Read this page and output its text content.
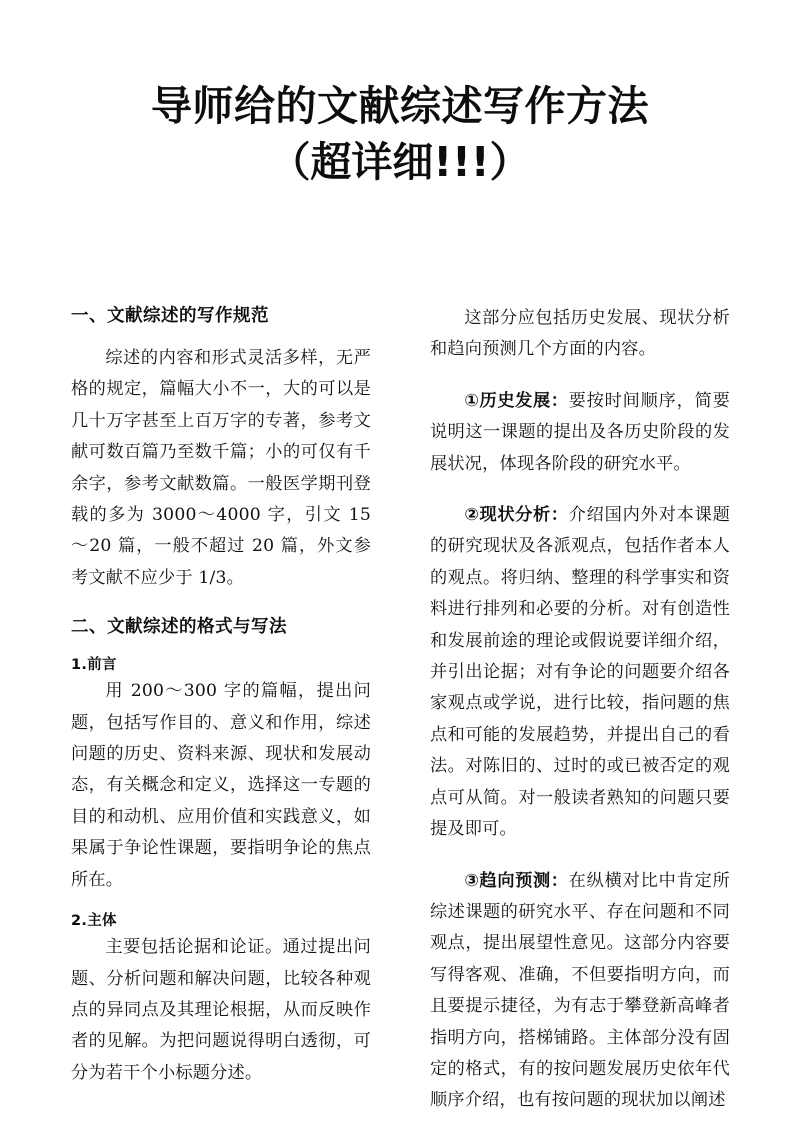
导师给的文献综述写作方法
（超详细!!!）
一、文献综述的写作规范

综述的内容和形式灵活多样，无严格的规定，篇幅大小不一，大的可以是几十万字甚至上百万字的专著，参考文献可数百篇乃至数千篇；小的可仅有千余字，参考文献数篇。一般医学期刊登载的多为 3000～4000 字，引文 15～20 篇，一般不超过 20 篇，外文参考文献不应少于 1/3。

二、文献综述的格式与写法
1.前言

用 200～300 字的篇幅，提出问题，包括写作目的、意义和作用，综述问题的历史、资料来源、现状和发展动态，有关概念和定义，选择这一专题的目的和动机、应用价值和实践意义，如果属于争论性课题，要指明争论的焦点所在。

2.主体

主要包括论据和论证。通过提出问题、分析问题和解决问题，比较各种观点的异同点及其理论根据，从而反映作者的见解。为把问题说得明白透彻，可分为若干个小标题分述。

这部分应包括历史发展、现状分析和趋向预测几个方面的内容。

①历史发展：要按时间顺序，简要说明这一课题的提出及各历史阶段的发展状况，体现各阶段的研究水平。

②现状分析：介绍国内外对本课题的研究现状及各派观点，包括作者本人的观点。将归纳、整理的科学事实和资料进行排列和必要的分析。对有创造性和发展前途的理论或假说要详细介绍，并引出论据；对有争论的问题要介绍各家观点或学说，进行比较，指问题的焦点和可能的发展趋势，并提出自己的看法。对陈旧的、过时的或已被否定的观点可从简。对一般读者熟知的问题只要提及即可。

③趋向预测：在纵横对比中肯定所综述课题的研究水平、存在问题和不同观点，提出展望性意见。这部分内容要写得客观、准确，不但要指明方向，而且要提示捷径，为有志于攀登新高峰者指明方向，搭梯铺路。主体部分没有固定的格式，有的按问题发展历史依年代顺序介绍，也有按问题的现状加以阐述
